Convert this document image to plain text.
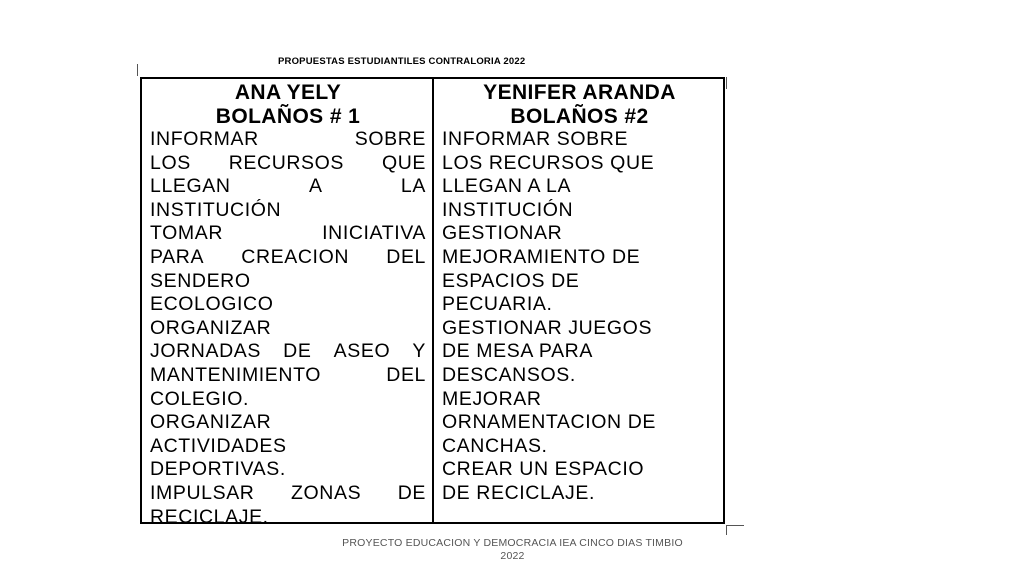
PROPUESTAS ESTUDIANTILES CONTRALORIA 2022
ANA YELY
BOLAÑOS # 1
INFORMAR	SOBRE
LOS RECURSOS QUE
LLEGAN	A	LA
INSTITUCIÓN
TOMAR	INICIATIVA
PARA CREACION DEL
SENDERO
ECOLOGICO
ORGANIZAR
JORNADAS DE ASEO Y
MANTENIMIENTO	DEL
COLEGIO.
ORGANIZAR
ACTIVIDADES
DEPORTIVAS.
IMPULSAR ZONAS DE
RECICLAJE.
YENIFER ARANDA
BOLAÑOS #2
INFORMAR SOBRE
LOS RECURSOS QUE
LLEGAN A LA
INSTITUCIÓN
GESTIONAR
MEJORAMIENTO DE
ESPACIOS DE
PECUARIA.
GESTIONAR JUEGOS
DE MESA PARA
DESCANSOS.
MEJORAR
ORNAMENTACION DE
CANCHAS.
CREAR UN ESPACIO
DE RECICLAJE.
PROYECTO EDUCACION Y DEMOCRACIA IEA CINCO DIAS TIMBIO
2022
